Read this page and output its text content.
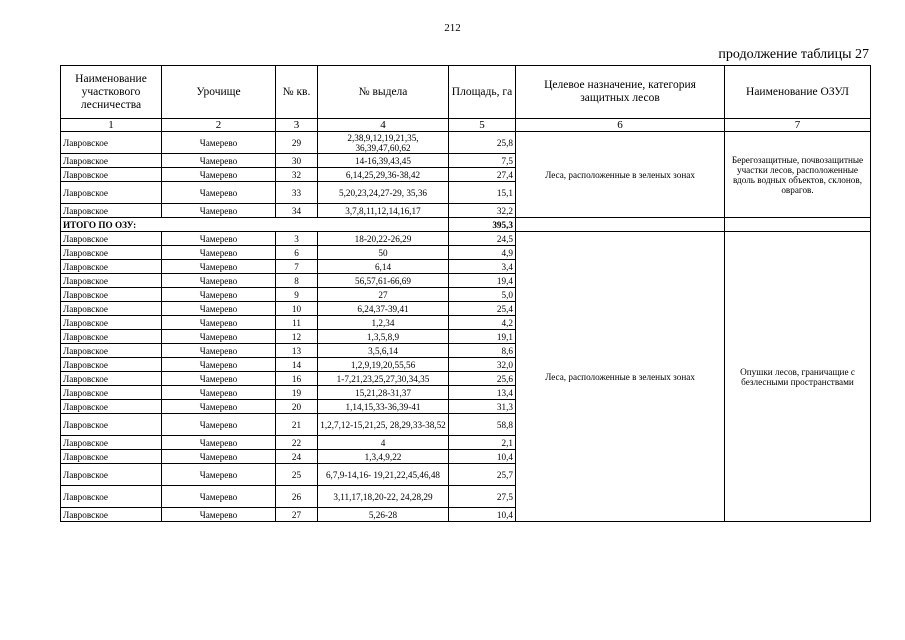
212
продолжение таблицы 27
Наименование участкового лесничества	Урочище	№ кв.	№ выдела	Площадь, га	Целевое назначение, категория защитных лесов	Наименование ОЗУЛ
1	2	3	4	5	6	7
Лавровское	Чамерево	29	2,38,9,12,19,21,35, 36,39,47,60,62	25,8	Леса, расположенные в зеленых зонах	Берегозащитные, почвозащитные участки лесов, расположенные вдоль водных объектов, склонов, оврагов.
Лавровское	Чамерево	30	14-16,39,43,45	7,5		
Лавровское	Чамерево	32	6,14,25,29,36-38,42	27,4		
Лавровское	Чамерево	33	5,20,23,24,27-29, 35,36	15,1		
Лавровское	Чамерево	34	3,7,8,11,12,14,16,17	32,2		
ИТОГО ПО ОЗУ:				395,3		
Лавровское	Чамерево	3	18-20,22-26,29	24,5	Леса, расположенные в зеленых зонах	Опушки лесов, граничащие с безлесными пространствами
Лавровское	Чамерево	6	50	4,9		
Лавровское	Чамерево	7	6,14	3,4		
Лавровское	Чамерево	8	56,57,61-66,69	19,4		
Лавровское	Чамерево	9	27	5,0		
Лавровское	Чамерево	10	6,24,37-39,41	25,4		
Лавровское	Чамерево	11	1,2,34	4,2		
Лавровское	Чамерево	12	1,3,5,8,9	19,1		
Лавровское	Чамерево	13	3,5,6,14	8,6		
Лавровское	Чамерево	14	1,2,9,19,20,55,56	32,0		
Лавровское	Чамерево	16	1-7,21,23,25,27,30,34,35	25,6		
Лавровское	Чамерево	19	15,21,28-31,37	13,4		
Лавровское	Чамерево	20	1,14,15,33-36,39-41	31,3		
Лавровское	Чамерево	21	1,2,7,12-15,21,25, 28,29,33-38,52	58,8		
Лавровское	Чамерево	22	4	2,1		
Лавровское	Чамерево	24	1,3,4,9,22	10,4		
Лавровское	Чамерево	25	6,7,9-14,16- 19,21,22,45,46,48	25,7		
Лавровское	Чамерево	26	3,11,17,18,20-22, 24,28,29	27,5		
Лавровское	Чамерево	27	5,26-28	10,4		
